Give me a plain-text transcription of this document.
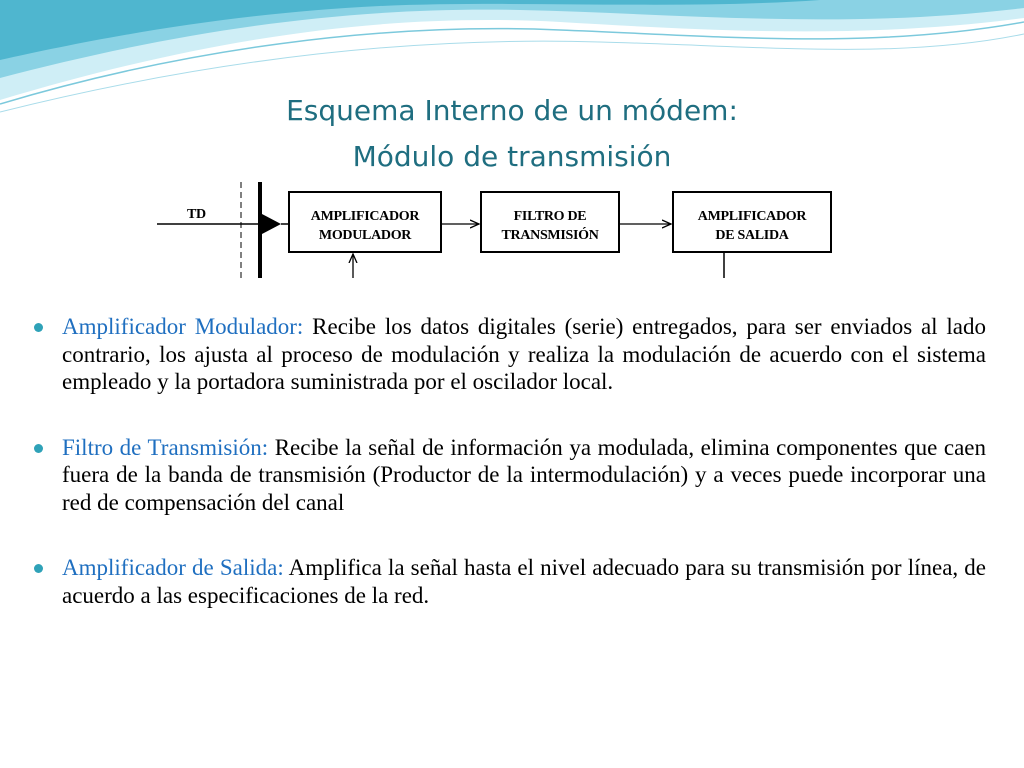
Esquema Interno de un módem:
Módulo de transmisión
TD	AMPLIFICADOR
MODULADOR
FILTRO DE
TRANSMISIÓN
AMPLIFICADOR
DE SALIDA
Amplificador Modulador: Recibe los datos digitales (serie) entregados, para ser enviados al lado contrario, los ajusta al proceso de modulación y realiza la modulación de acuerdo con el sistema empleado y la portadora suministrada por el oscilador local.
Filtro de Transmisión: Recibe la señal de información ya modulada, elimina componentes que caen fuera de la banda de transmisión (Productor de la intermodulación) y a veces puede incorporar una red de compensación del canal
Amplificador de Salida: Amplifica la señal hasta el nivel adecuado para su transmisión por línea, de acuerdo a las especificaciones de la red.
